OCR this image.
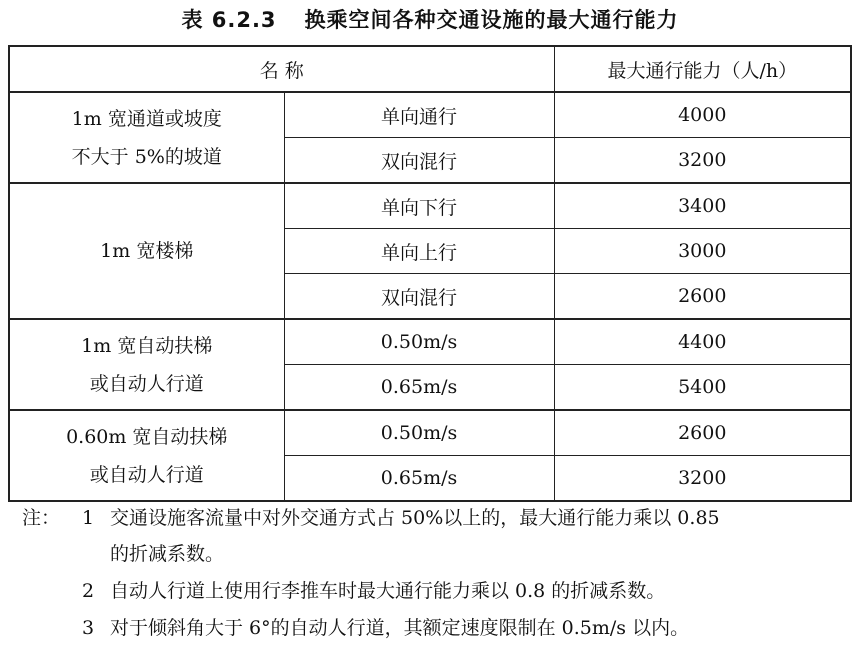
表 6.2.3 换乘空间各种交通设施的最大通行能力
名 称		最大通行能力（人/h）

1m 宽通道或坡度
不大于 5%的坡道	单向通行	4000
	双向混行	3200

1m 宽楼梯	单向下行	3400
	单向上行	3000
	双向混行	2600

1m 宽自动扶梯
或自动人行道	0.50m/s	4400
	0.65m/s	5400

0.60m 宽自动扶梯
或自动人行道	0.50m/s	2600
	0.65m/s	3200
注： 1 交通设施客流量中对外交通方式占 50%以上的，最大通行能力乘以 0.85
的折减系数。
2 自动人行道上使用行李推车时最大通行能力乘以 0.8 的折减系数。
3 对于倾斜角大于 6°的自动人行道，其额定速度限制在 0.5m/s 以内。
